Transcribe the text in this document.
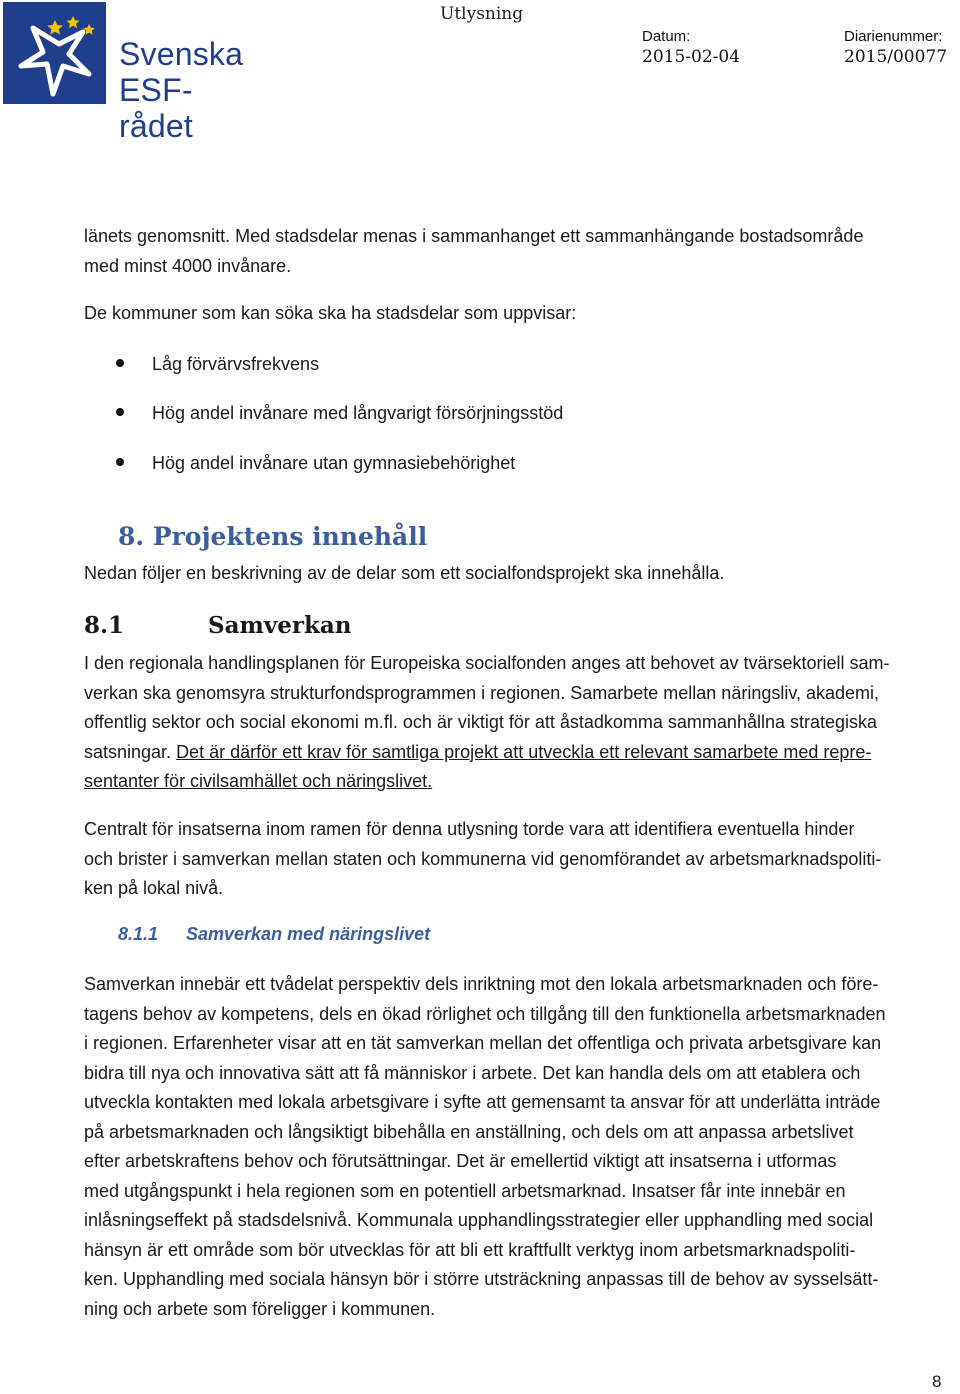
Svenska
ESF-rådet
Utlysning
Datum:
2015-02-04
Diarienummer:
2015/00077
länets genomsnitt. Med stadsdelar menas i sammanhanget ett sammanhängande bostadsområde
med minst 4000 invånare.
De kommuner som kan söka ska ha stadsdelar som uppvisar:
Låg förvärvsfrekvens
Hög andel invånare med långvarigt försörjningsstöd
Hög andel invånare utan gymnasiebehörighet
8. Projektens innehåll
Nedan följer en beskrivning av de delar som ett socialfondsprojekt ska innehålla.
8.1	Samverkan
I den regionala handlingsplanen för Europeiska socialfonden anges att behovet av tvärsektoriell sam-
verkan ska genomsyra strukturfondsprogrammen i regionen. Samarbete mellan näringsliv, akademi,
offentlig sektor och social ekonomi m.fl. och är viktigt för att åstadkomma sammanhållna strategiska
satsningar. Det är därför ett krav för samtliga projekt att utveckla ett relevant samarbete med repre-
sentanter för civilsamhället och näringslivet.
Centralt för insatserna inom ramen för denna utlysning torde vara att identifiera eventuella hinder
och brister i samverkan mellan staten och kommunerna vid genomförandet av arbetsmarknadspoliti-
ken på lokal nivå.
8.1.1 Samverkan med näringslivet
Samverkan innebär ett tvådelat perspektiv dels inriktning mot den lokala arbetsmarknaden och före-
tagens behov av kompetens, dels en ökad rörlighet och tillgång till den funktionella arbetsmarknaden
i regionen. Erfarenheter visar att en tät samverkan mellan det offentliga och privata arbetsgivare kan
bidra till nya och innovativa sätt att få människor i arbete. Det kan handla dels om att etablera och
utveckla kontakten med lokala arbetsgivare i syfte att gemensamt ta ansvar för att underlätta inträde
på arbetsmarknaden och långsiktigt bibehålla en anställning, och dels om att anpassa arbetslivet
efter arbetskraftens behov och förutsättningar. Det är emellertid viktigt att insatserna i utformas
med utgångspunkt i hela regionen som en potentiell arbetsmarknad. Insatser får inte innebär en
inlåsningseffekt på stadsdelsnivå. Kommunala upphandlingsstrategier eller upphandling med social
hänsyn är ett område som bör utvecklas för att bli ett kraftfullt verktyg inom arbetsmarknadspoliti-
ken. Upphandling med sociala hänsyn bör i större utsträckning anpassas till de behov av sysselsätt-
ning och arbete som föreligger i kommunen.
8
